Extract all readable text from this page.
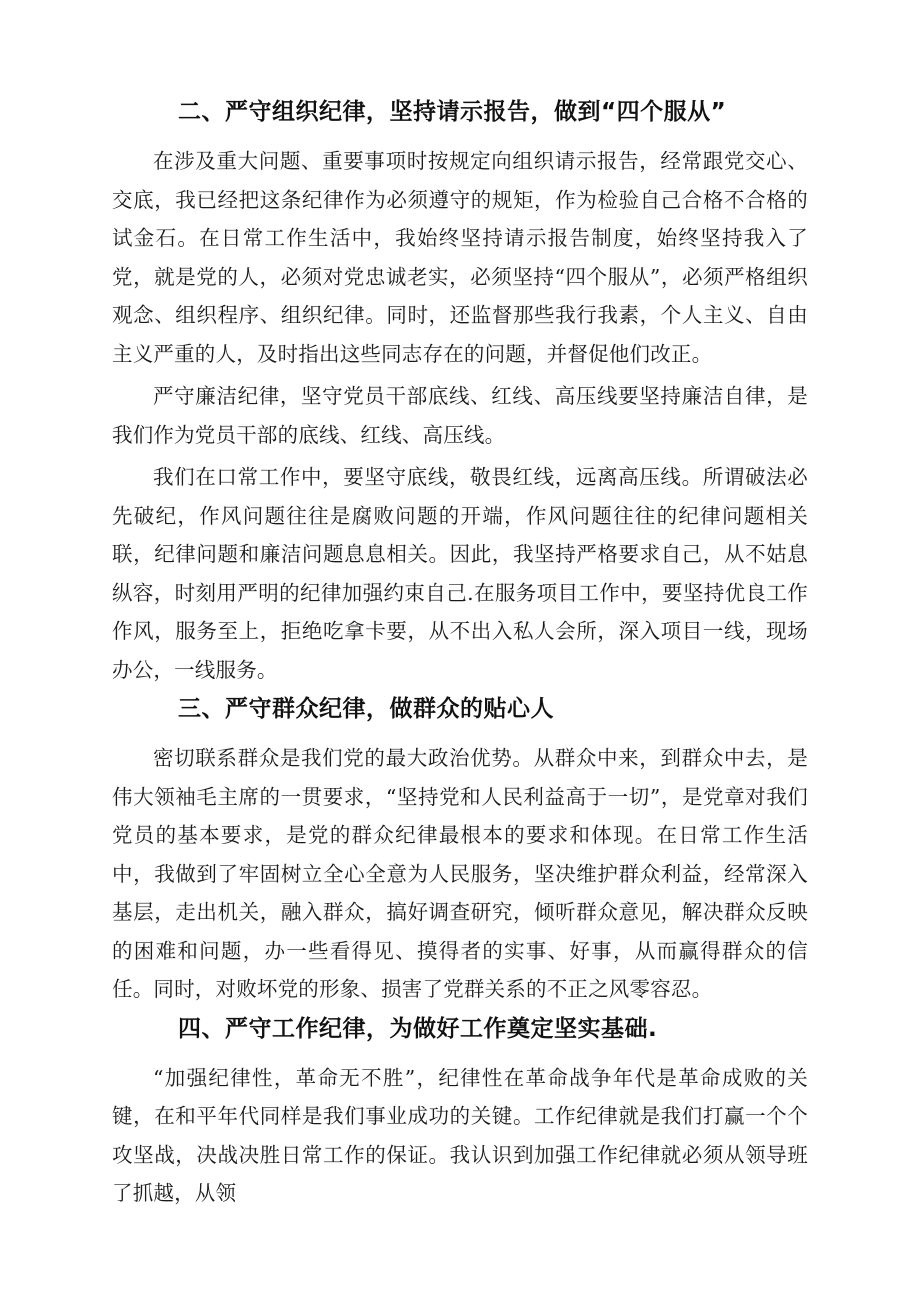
二、严守组织纪律，坚持请示报告，做到“四个服从”

在涉及重大问题、重要事项时按规定向组织请示报告，经常跟党交心、交底，我已经把这条纪律作为必须遵守的规矩，作为检验自己合格不合格的试金石。在日常工作生活中，我始终坚持请示报告制度，始终坚持我入了党，就是党的人，必须对党忠诚老实，必须坚持“四个服从”，必须严格组织观念、组织程序、组织纪律。同时，还监督那些我行我素，个人主义、自由主义严重的人，及时指出这些同志存在的问题，并督促他们改正。

严守廉洁纪律，坚守党员干部底线、红线、高压线要坚持廉洁自律，是我们作为党员干部的底线、红线、高压线。

我们在口常工作中，要坚守底线，敬畏红线，远离高压线。所谓破法必先破纪，作风问题往往是腐败问题的开端，作风问题往往的纪律问题相关联，纪律问题和廉洁问题息息相关。因此，我坚持严格要求自己，从不姑息纵容，时刻用严明的纪律加强约束自己.在服务项目工作中，要坚持优良工作作风，服务至上，拒绝吃拿卡要，从不出入私人会所，深入项目一线，现场办公，一线服务。

三、严守群众纪律，做群众的贴心人

密切联系群众是我们党的最大政治优势。从群众中来，到群众中去，是伟大领袖毛主席的一贯要求，“坚持党和人民利益高于一切”，是党章对我们党员的基本要求，是党的群众纪律最根本的要求和体现。在日常工作生活中，我做到了牢固树立全心全意为人民服务，坚决维护群众利益，经常深入基层，走出机关，融入群众，搞好调查研究，倾听群众意见，解决群众反映的困难和问题，办一些看得见、摸得者的实事、好事，从而赢得群众的信任。同时，对败坏党的形象、损害了党群关系的不正之风零容忍。

四、严守工作纪律，为做好工作奠定坚实基础.

“加强纪律性，革命无不胜”，纪律性在革命战争年代是革命成败的关键，在和平年代同样是我们事业成功的关键。工作纪律就是我们打赢一个个攻坚战，决战决胜日常工作的保证。我认识到加强工作纪律就必须从领导班了抓越，从领
